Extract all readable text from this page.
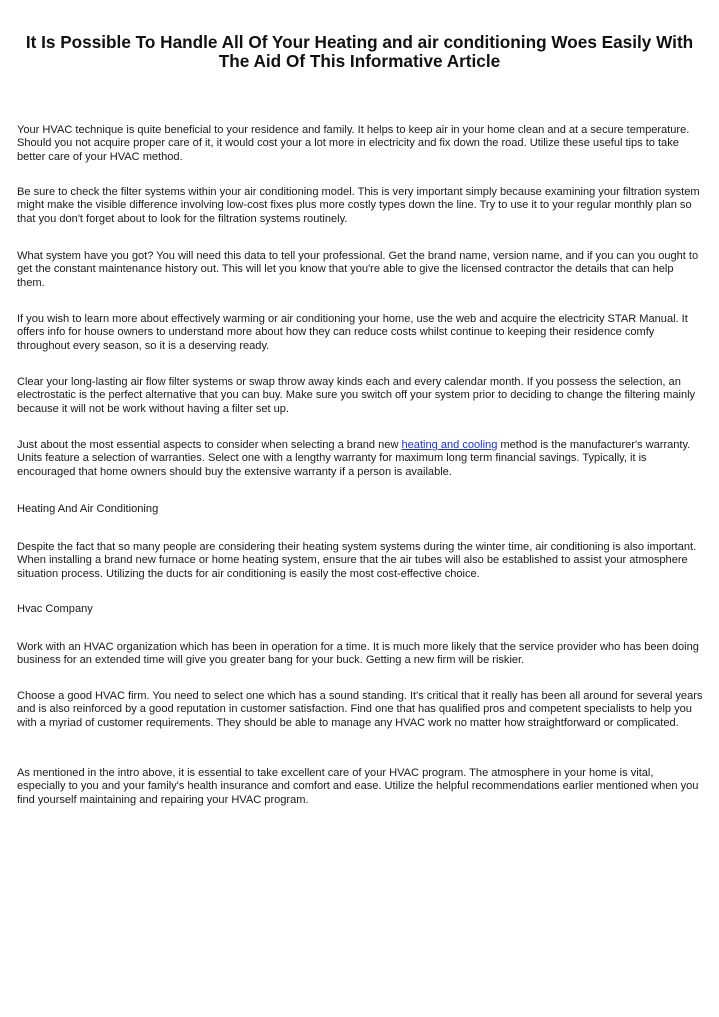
It Is Possible To Handle All Of Your Heating and air conditioning Woes Easily With The Aid Of This Informative Article

Your HVAC technique is quite beneficial to your residence and family. It helps to keep air in your home clean and at a secure temperature. Should you not acquire proper care of it, it would cost your a lot more in electricity and fix down the road. Utilize these useful tips to take better care of your HVAC method.

Be sure to check the filter systems within your air conditioning model. This is very important simply because examining your filtration system might make the visible difference involving low-cost fixes plus more costly types down the line. Try to use it to your regular monthly plan so that you don't forget about to look for the filtration systems routinely.

What system have you got? You will need this data to tell your professional. Get the brand name, version name, and if you can you ought to get the constant maintenance history out. This will let you know that you're able to give the licensed contractor the details that can help them.

If you wish to learn more about effectively warming or air conditioning your home, use the web and acquire the electricity STAR Manual. It offers info for house owners to understand more about how they can reduce costs whilst continue to keeping their residence comfy throughout every season, so it is a deserving ready.

Clear your long-lasting air flow filter systems or swap throw away kinds each and every calendar month. If you possess the selection, an electrostatic is the perfect alternative that you can buy. Make sure you switch off your system prior to deciding to change the filtering mainly because it will not be work without having a filter set up.

Just about the most essential aspects to consider when selecting a brand new heating and cooling method is the manufacturer's warranty. Units feature a selection of warranties. Select one with a lengthy warranty for maximum long term financial savings. Typically, it is encouraged that home owners should buy the extensive warranty if a person is available.

Heating And Air Conditioning

Despite the fact that so many people are considering their heating system systems during the winter time, air conditioning is also important. When installing a brand new furnace or home heating system, ensure that the air tubes will also be established to assist your atmosphere situation process. Utilizing the ducts for air conditioning is easily the most cost-effective choice.

Hvac Company

Work with an HVAC organization which has been in operation for a time. It is much more likely that the service provider who has been doing business for an extended time will give you greater bang for your buck. Getting a new firm will be riskier.

Choose a good HVAC firm. You need to select one which has a sound standing. It's critical that it really has been all around for several years and is also reinforced by a good reputation in customer satisfaction. Find one that has qualified pros and competent specialists to help you with a myriad of customer requirements. They should be able to manage any HVAC work no matter how straightforward or complicated.

As mentioned in the intro above, it is essential to take excellent care of your HVAC program. The atmosphere in your home is vital, especially to you and your family's health insurance and comfort and ease. Utilize the helpful recommendations earlier mentioned when you find yourself maintaining and repairing your HVAC program.
